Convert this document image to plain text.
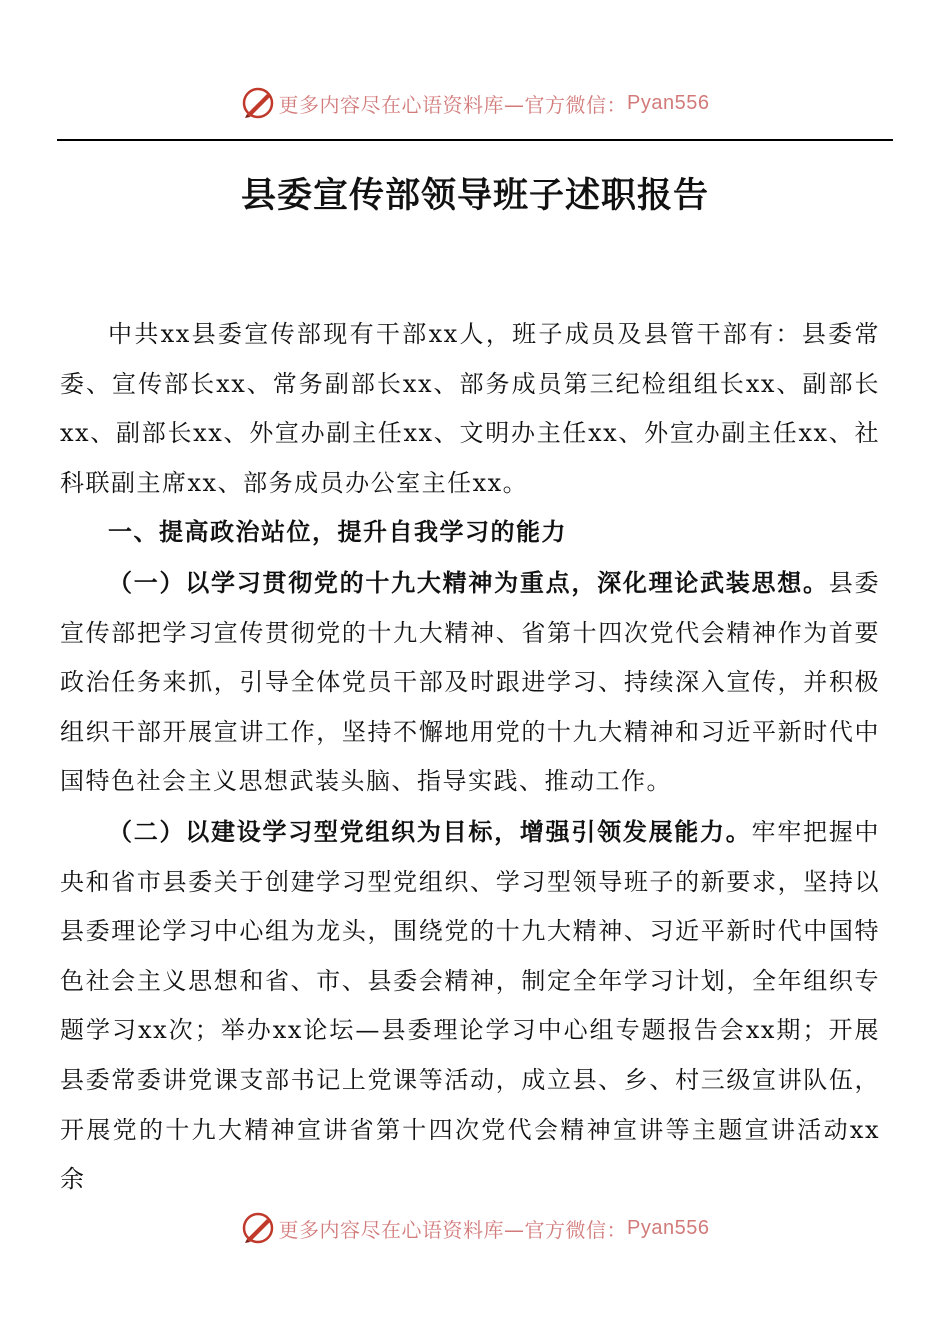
更多内容尽在心语资料库—官方微信： Pyan556
县委宣传部领导班子述职报告

中共xx县委宣传部现有干部xx人，班子成员及县管干部有：县委常委、宣传部长xx、常务副部长xx、部务成员第三纪检组组长xx、副部长xx、副部长xx、外宣办副主任xx、文明办主任xx、外宣办副主任xx、社科联副主席xx、部务成员办公室主任xx。

一、提高政治站位，提升自我学习的能力

（一）以学习贯彻党的十九大精神为重点，深化理论武装思想。县委宣传部把学习宣传贯彻党的十九大精神、省第十四次党代会精神作为首要政治任务来抓，引导全体党员干部及时跟进学习、持续深入宣传，并积极组织干部开展宣讲工作，坚持不懈地用党的十九大精神和习近平新时代中国特色社会主义思想武装头脑、指导实践、推动工作。

（二）以建设学习型党组织为目标，增强引领发展能力。牢牢把握中央和省市县委关于创建学习型党组织、学习型领导班子的新要求，坚持以县委理论学习中心组为龙头，围绕党的十九大精神、习近平新时代中国特色社会主义思想和省、市、县委会精神，制定全年学习计划，全年组织专题学习xx次；举办xx论坛—县委理论学习中心组专题报告会xx期；开展县委常委讲党课支部书记上党课等活动，成立县、乡、村三级宣讲队伍，开展党的十九大精神宣讲省第十四次党代会精神宣讲等主题宣讲活动xx余

更多内容尽在心语资料库—官方微信： Pyan556
